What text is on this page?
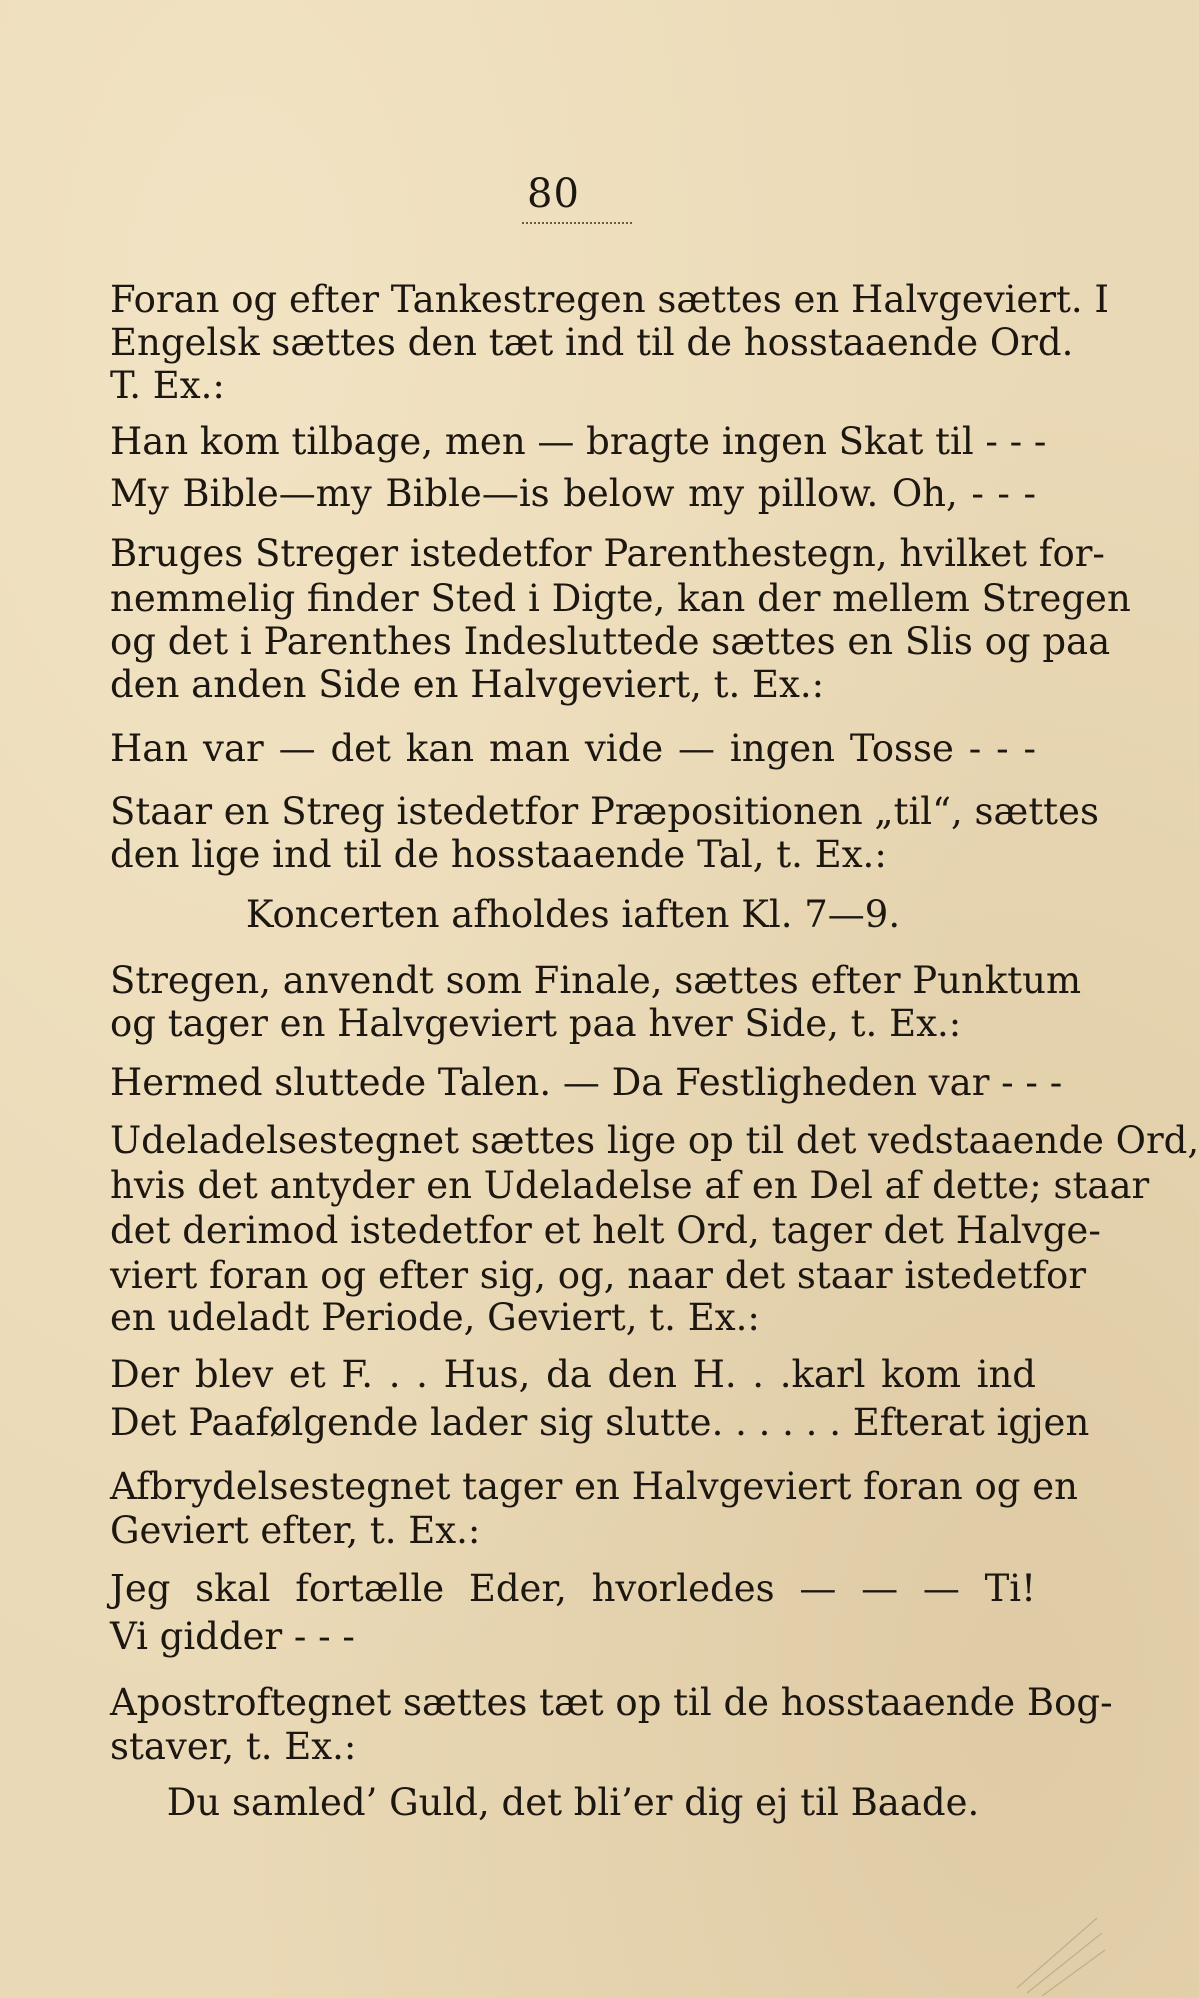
80
Foran og efter Tankestregen sættes en Halvgeviert. I
Engelsk sættes den tæt ind til de hosstaaende Ord.
T. Ex.:
Han kom tilbage, men — bragte ingen Skat til - - -
My Bible—my Bible—is below my pillow. Oh, - - -
Bruges Streger istedetfor Parenthestegn, hvilket for-
nemmelig finder Sted i Digte, kan der mellem Stregen
og det i Parenthes Indesluttede sættes en Slis og paa
den anden Side en Halvgeviert, t. Ex.:
Han var — det kan man vide — ingen Tosse - - -
Staar en Streg istedetfor Præpositionen „til“, sættes
den lige ind til de hosstaaende Tal, t. Ex.:
Koncerten afholdes iaften Kl. 7—9.
Stregen, anvendt som Finale, sættes efter Punktum
og tager en Halvgeviert paa hver Side, t. Ex.:
Hermed sluttede Talen. — Da Festligheden var - - -
Udeladelsestegnet sættes lige op til det vedstaaende Ord,
hvis det antyder en Udeladelse af en Del af dette; staar
det derimod istedetfor et helt Ord, tager det Halvge-
viert foran og efter sig, og, naar det staar istedetfor
en udeladt Periode, Geviert, t. Ex.:
Der blev et F. . . Hus, da den H. . .karl kom ind
Det Paafølgende lader sig slutte. . . . . . Efterat igjen
Afbrydelsestegnet tager en Halvgeviert foran og en
Geviert efter, t. Ex.:
Jeg skal fortælle Eder, hvorledes — — — Ti!
Vi gidder - - -
Apostroftegnet sættes tæt op til de hosstaaende Bog-
staver, t. Ex.:
Du samled’ Guld, det bli’er dig ej til Baade.
